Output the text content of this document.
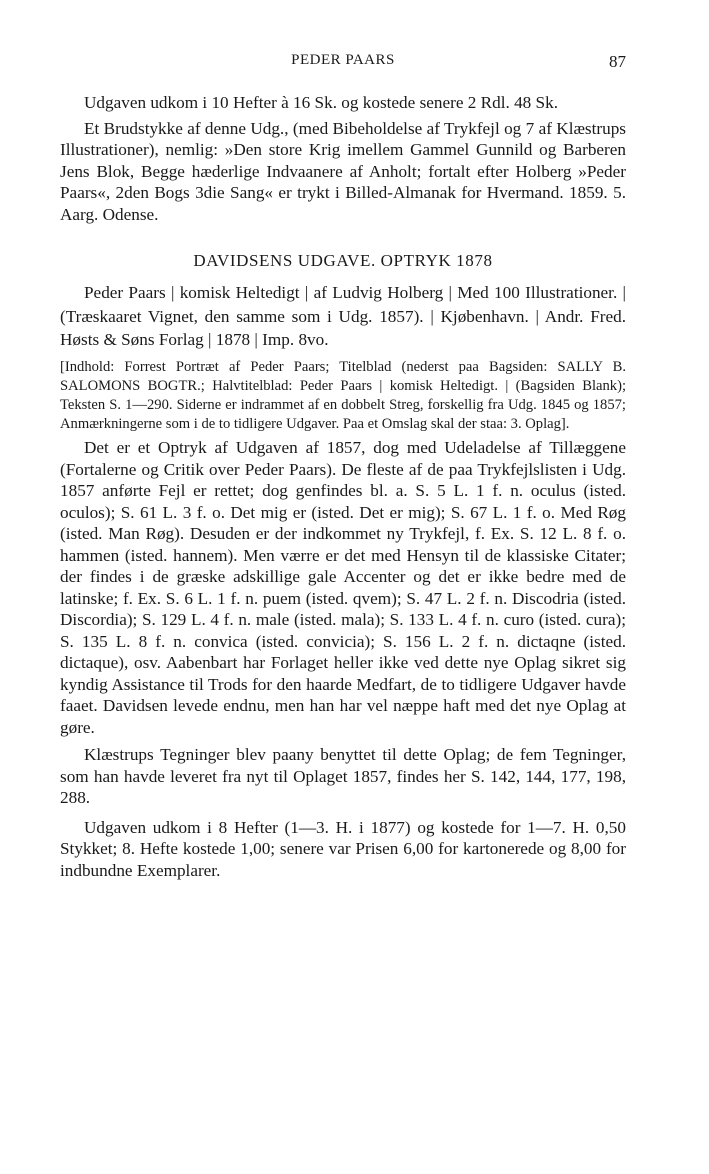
PEDER PAARS	87

Udgaven udkom i 10 Hefter à 16 Sk. og kostede senere 2 Rdl. 48 Sk.

Et Brudstykke af denne Udg., (med Bibeholdelse af Trykfejl og 7 af Klæstrups Illustrationer), nemlig: »Den store Krig imellem Gammel Gunnild og Barberen Jens Blok, Begge hæderlige Indvaanere af Anholt; fortalt efter Holberg »Peder Paars«, 2den Bogs 3die Sang« er trykt i Billed-Almanak for Hvermand. 1859. 5. Aarg. Odense.

DAVIDSENS UDGAVE. OPTRYK 1878

Peder Paars | komisk Heltedigt | af Ludvig Holberg | Med 100 Illustrationer. | (Træskaaret Vignet, den samme som i Udg. 1857). | Kjøbenhavn. | Andr. Fred. Høsts & Søns Forlag | 1878 | Imp. 8vo.

[Indhold: Forrest Portræt af Peder Paars; Titelblad (nederst paa Bagsiden: SALLY B. SALOMONS BOGTR.; Halvtitelblad: Peder Paars | komisk Heltedigt. | (Bagsiden Blank); Teksten S. 1—290. Siderne er indrammet af en dobbelt Streg, forskellig fra Udg. 1845 og 1857; Anmærkningerne som i de to tidligere Udgaver. Paa et Omslag skal der staa: 3. Oplag].

Det er et Optryk af Udgaven af 1857, dog med Udeladelse af Tillæggene (Fortalerne og Critik over Peder Paars). De fleste af de paa Trykfejlslisten i Udg. 1857 anførte Fejl er rettet; dog genfindes bl. a. S. 5 L. 1 f. n. oculus (isted. oculos); S. 61 L. 3 f. o. Det mig er (isted. Det er mig); S. 67 L. 1 f. o. Med Røg (isted. Man Røg). Desuden er der indkommet ny Trykfejl, f. Ex. S. 12 L. 8 f. o. hammen (isted. hannem). Men værre er det med Hensyn til de klassiske Citater; der findes i de græske adskillige gale Accenter og det er ikke bedre med de latinske; f. Ex. S. 6 L. 1 f. n. puem (isted. qvem); S. 47 L. 2 f. n. Discodria (isted. Discordia); S. 129 L. 4 f. n. male (isted. mala); S. 133 L. 4 f. n. curo (isted. cura); S. 135 L. 8 f. n. convica (isted. convicia); S. 156 L. 2 f. n. dictaqne (isted. dictaque), osv. Aabenbart har Forlaget heller ikke ved dette nye Oplag sikret sig kyndig Assistance til Trods for den haarde Medfart, de to tidligere Udgaver havde faaet. Davidsen levede endnu, men han har vel næppe haft med det nye Oplag at gøre.

Klæstrups Tegninger blev paany benyttet til dette Oplag; de fem Tegninger, som han havde leveret fra nyt til Oplaget 1857, findes her S. 142, 144, 177, 198, 288.

Udgaven udkom i 8 Hefter (1—3. H. i 1877) og kostede for 1—7. H. 0,50 Stykket; 8. Hefte kostede 1,00; senere var Prisen 6,00 for kartonerede og 8,00 for indbundne Exemplarer.
